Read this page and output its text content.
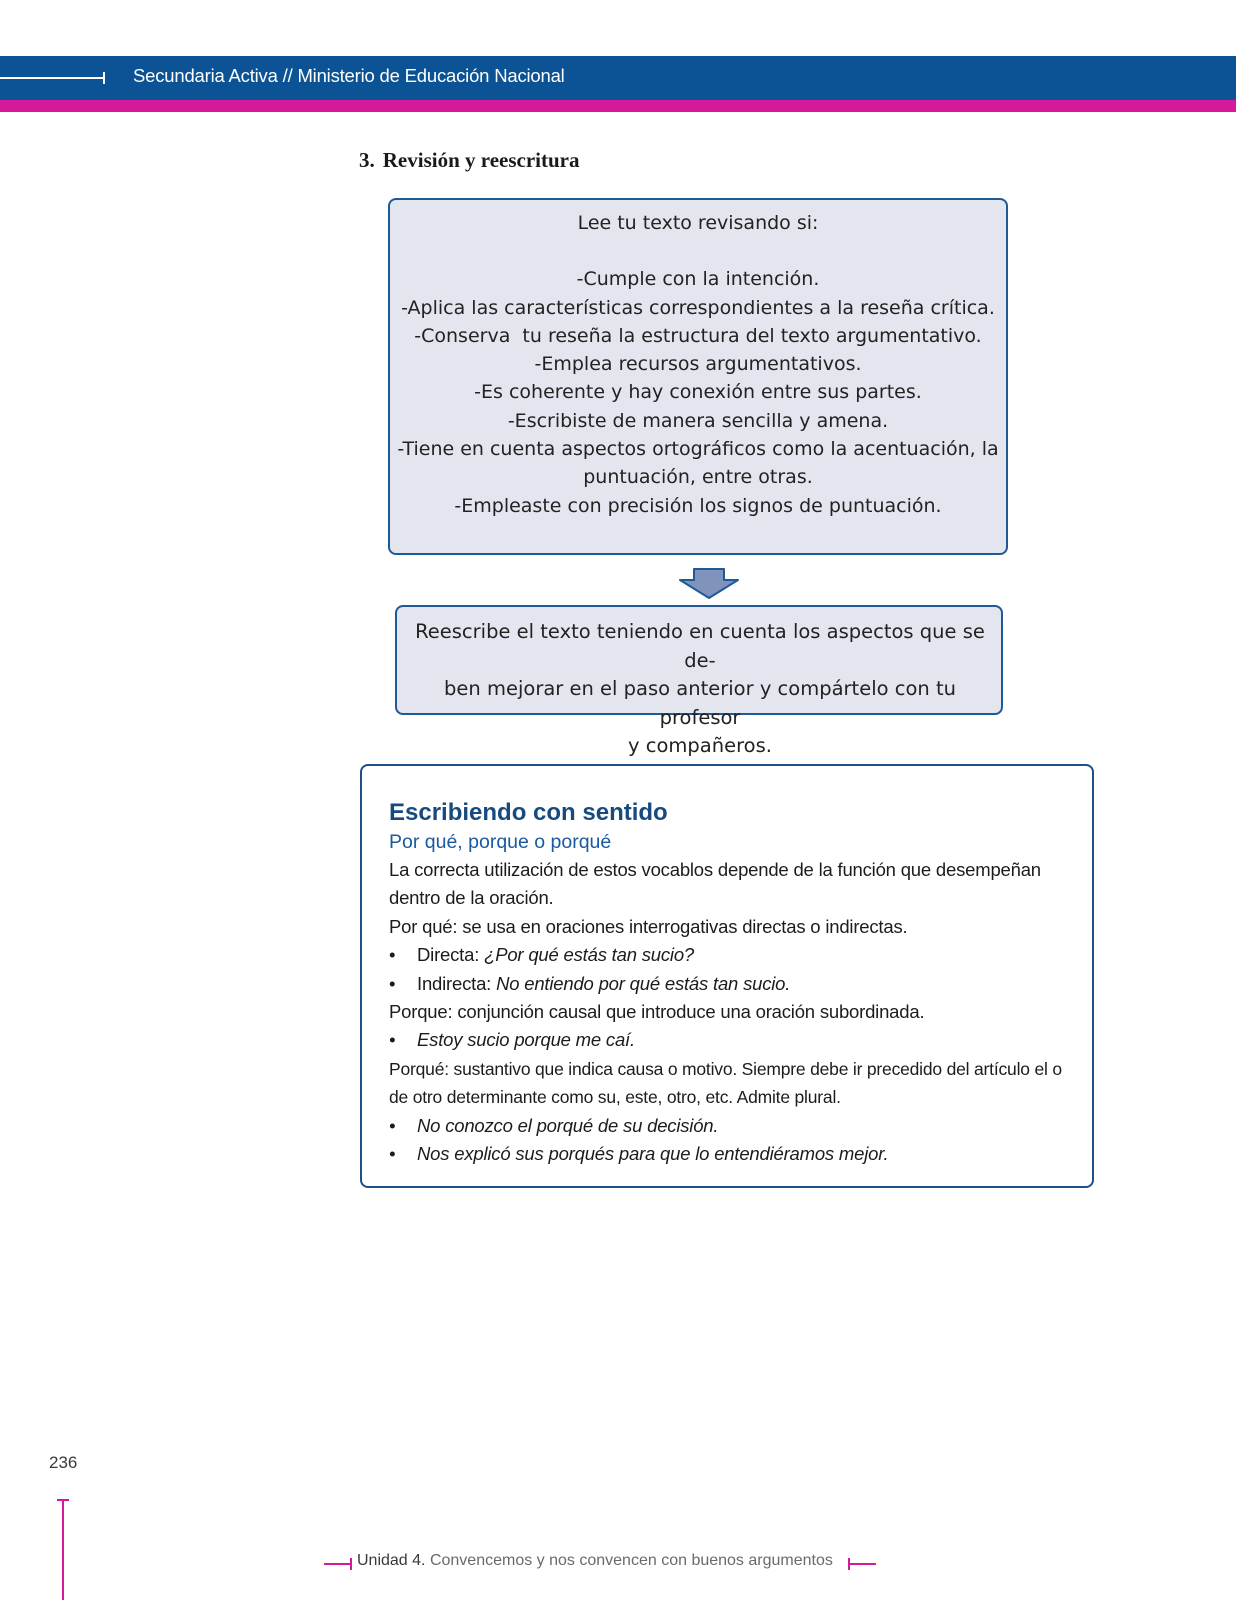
Secundaria Activa // Ministerio de Educación Nacional
3. Revisión y reescritura

Lee tu texto revisando si:

-Cumple con la intención.

-Aplica las características correspondientes a la reseña crítica.

-Conserva  tu reseña la estructura del texto argumentativo.

-Emplea recursos argumentativos.

-Es coherente y hay conexión entre sus partes.

-Escribiste de manera sencilla y amena.

-Tiene en cuenta aspectos ortográficos como la acentuación, la

puntuación, entre otras.

-Empleaste con precisión los signos de puntuación.

Reescribe el texto teniendo en cuenta los aspectos que se de-
ben mejorar en el paso anterior y compártelo con tu profesor
y compañeros.

Escribiendo con sentido

Por qué, porque o porqué

La correcta utilización de estos vocablos depende de la función que desempeñan

dentro de la oración.

Por qué: se usa en oraciones interrogativas directas o indirectas.

•	Directa: ¿Por qué estás tan sucio?
•	Indirecta: No entiendo por qué estás tan sucio.

Porque: conjunción causal que introduce una oración subordinada.

•	Estoy sucio porque me caí.

Porqué: sustantivo que indica causa o motivo. Siempre debe ir precedido del artículo el o

de otro determinante como su, este, otro, etc. Admite plural.

•	No conozco el porqué de su decisión.
•	Nos explicó sus porqués para que lo entendiéramos mejor.
236
Unidad 4. Convencemos y nos convencen con buenos argumentos
